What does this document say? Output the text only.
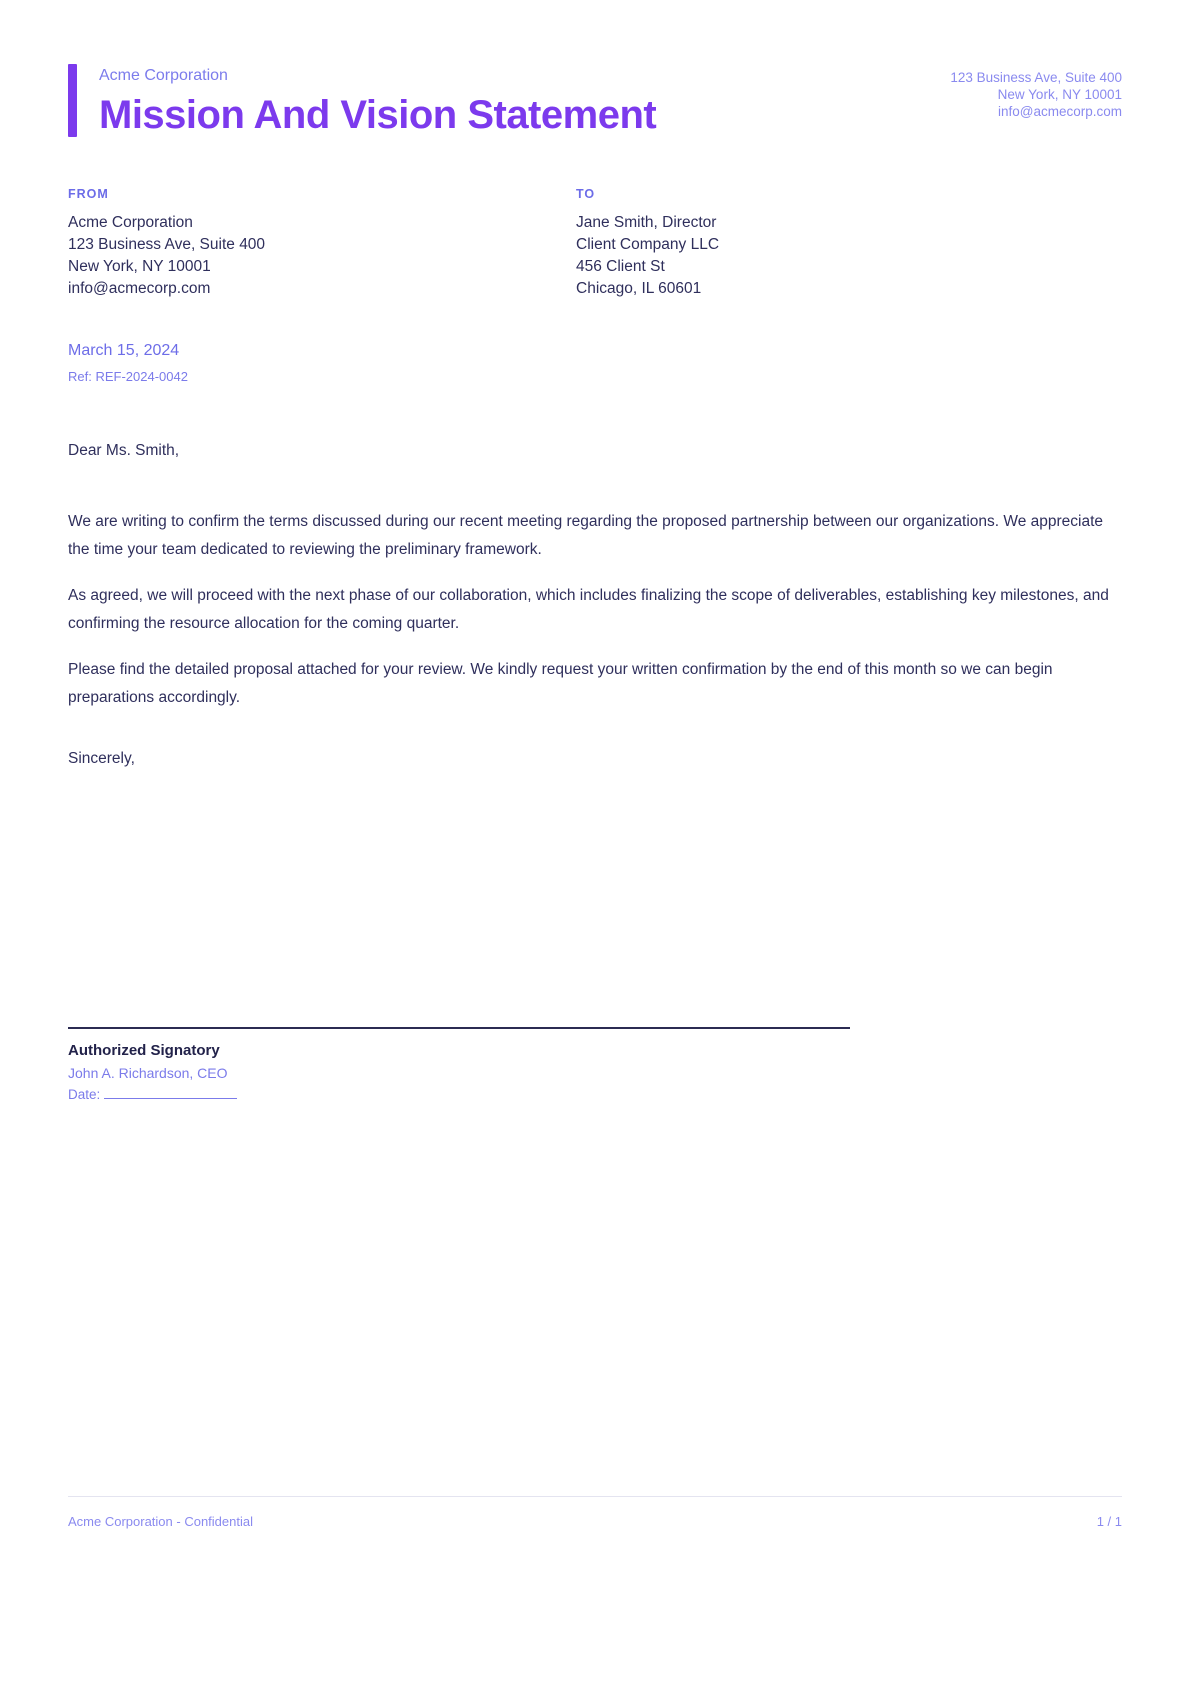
Acme Corporation
Mission And Vision Statement
123 Business Ave, Suite 400
New York, NY 10001
info@acmecorp.com
FROM
Acme Corporation
123 Business Ave, Suite 400
New York, NY 10001
info@acmecorp.com
TO
Jane Smith, Director
Client Company LLC
456 Client St
Chicago, IL 60601
March 15, 2024
Ref: REF-2024-0042
Dear Ms. Smith,

We are writing to confirm the terms discussed during our recent meeting regarding the proposed partnership between our organizations. We appreciate the time your team dedicated to reviewing the preliminary framework.

As agreed, we will proceed with the next phase of our collaboration, which includes finalizing the scope of deliverables, establishing key milestones, and confirming the resource allocation for the coming quarter.

Please find the detailed proposal attached for your review. We kindly request your written confirmation by the end of this month so we can begin preparations accordingly.

Sincerely,
Authorized Signatory
John A. Richardson, CEO
Date:
Acme Corporation - Confidential	1 / 1
